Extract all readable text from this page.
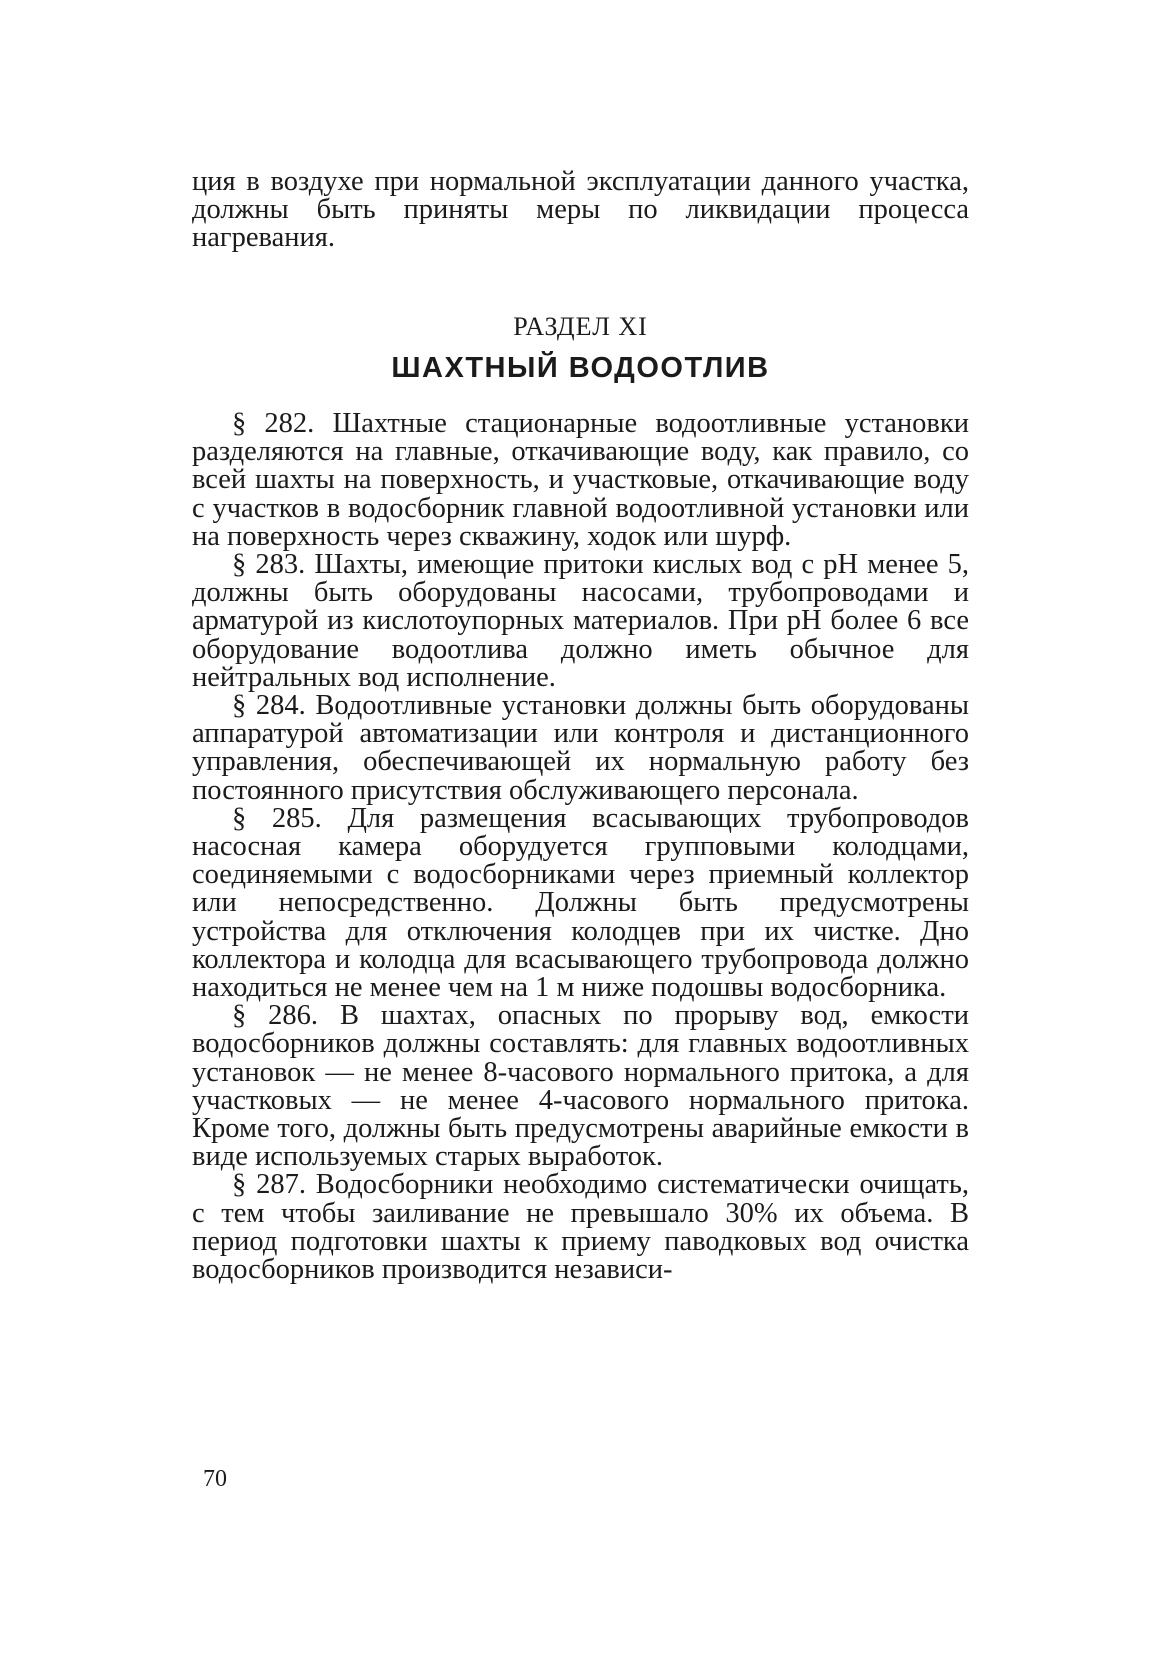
ция в воздухе при нормальной эксплуатации данного участка, должны быть приняты меры по ликвидации процесса нагревания.
РАЗДЕЛ XI
ШАХТНЫЙ ВОДООТЛИВ

§ 282. Шахтные стационарные водоотливные установки разделяются на главные, откачивающие воду, как правило, со всей шахты на поверхность, и участковые, откачивающие воду с участков в водосборник главной водоотливной установки или на поверхность через скважину, ходок или шурф.

§ 283. Шахты, имеющие притоки кислых вод с pH менее 5, должны быть оборудованы насосами, трубопроводами и арматурой из кислотоупорных материалов. При pH более 6 все оборудование водоотлива должно иметь обычное для нейтральных вод исполнение.

§ 284. Водоотливные установки должны быть оборудованы аппаратурой автоматизации или контроля и дистанционного управления, обеспечивающей их нормальную работу без постоянного присутствия обслуживающего персонала.

§ 285. Для размещения всасывающих трубопроводов насосная камера оборудуется групповыми колодцами, соединяемыми с водосборниками через приемный коллектор или непосредственно. Должны быть предусмотрены устройства для отключения колодцев при их чистке. Дно коллектора и колодца для всасывающего трубопровода должно находиться не менее чем на 1 м ниже подошвы водосборника.

§ 286. В шахтах, опасных по прорыву вод, емкости водосборников должны составлять: для главных водоотливных установок — не менее 8-часового нормального притока, а для участковых — не менее 4-часового нормального притока. Кроме того, должны быть предусмотрены аварийные емкости в виде используемых старых выработок.

§ 287. Водосборники необходимо систематически очищать, с тем чтобы заиливание не превышало 30% их объема. В период подготовки шахты к приему паводковых вод очистка водосборников производится независи-

70
